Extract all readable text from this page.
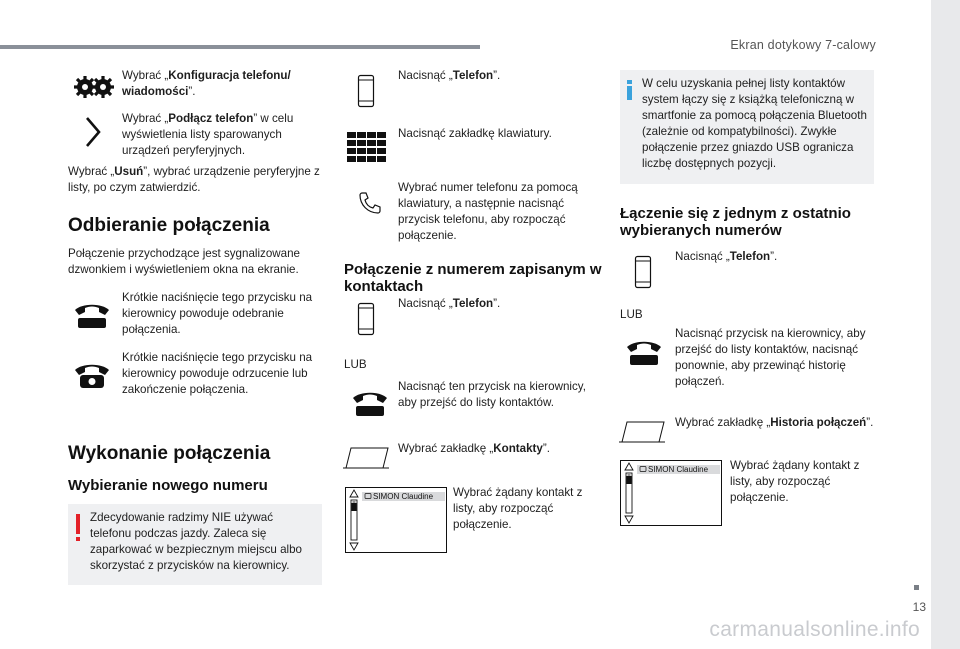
Ekran dotykowy 7-calowy
Wybrać „Konfiguracja telefonu/ wiadomości”.
Wybrać „Podłącz telefon” w celu wyświetlenia listy sparowanych urządzeń peryferyjnych.
Wybrać „Usuń”, wybrać urządzenie peryferyjne z listy, po czym zatwierdzić.
Odbieranie połączenia
Połączenie przychodzące jest sygnalizowane dzwonkiem i wyświetleniem okna na ekranie.
Krótkie naciśnięcie tego przycisku na kierownicy powoduje odebranie połączenia.
Krótkie naciśnięcie tego przycisku na kierownicy powoduje odrzucenie lub zakończenie połączenia.
Wykonanie połączenia
Wybieranie nowego numeru
Zdecydowanie radzimy NIE używać telefonu podczas jazdy. Zaleca się zaparkować w bezpiecznym miejscu albo skorzystać z przycisków na kierownicy.
Nacisnąć „Telefon”.
Nacisnąć zakładkę klawiatury.
Wybrać numer telefonu za pomocą klawiatury, a następnie nacisnąć przycisk telefonu, aby rozpocząć połączenie.
Połączenie z numerem zapisanym w kontaktach
Nacisnąć „Telefon”.
LUB
Nacisnąć ten przycisk na kierownicy, aby przejść do listy kontaktów.
Wybrać zakładkę „Kontakty”.
SIMON Claudine Wybrać żądany kontakt z listy, aby rozpocząć połączenie.
W celu uzyskania pełnej listy kontaktów system łączy się z książką telefoniczną w smartfonie za pomocą połączenia Bluetooth (zależnie od kompatybilności). Zwykłe połączenie przez gniazdo USB ogranicza liczbę dostępnych pozycji.
Łączenie się z jednym z ostatnio wybieranych numerów
Nacisnąć „Telefon”.
LUB
Nacisnąć przycisk na kierownicy, aby przejść do listy kontaktów, nacisnąć ponownie, aby przewinąć historię połączeń.
Wybrać zakładkę „Historia połączeń”.
SIMON Claudine Wybrać żądany kontakt z listy, aby rozpocząć połączenie.
13
carmanualsonline.info
